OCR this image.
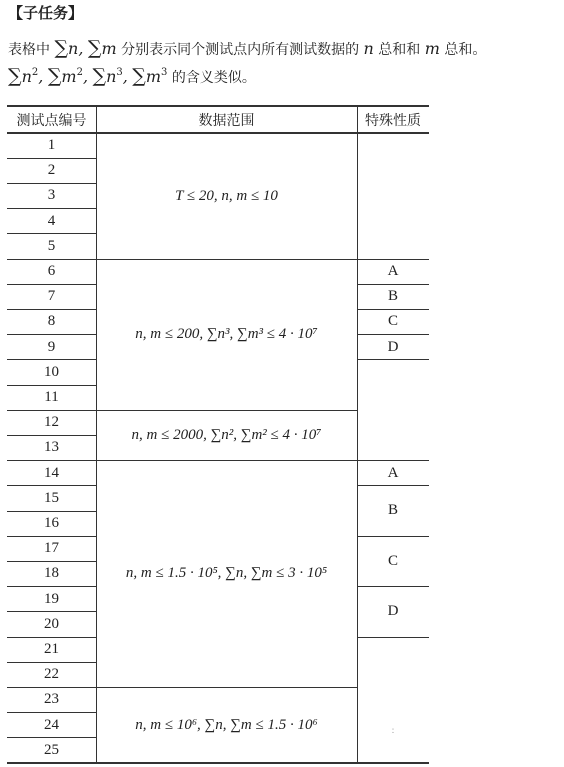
【子任务】
表格中 ∑n, ∑m 分别表示同个测试点内所有测试数据的 n 总和和 m 总和。
$\sum n^2$, $\sum m^2$, $\sum n^3$, $\sum m^3$ 的含义类似。
测试点编号	数据范围	特殊性质
1
2
3
4
5
6
7
8
9
10
11
12
13
14
15
16
17
18
19
20
21
22
23
24
25
T ≤ 20, n, m ≤ 10
n, m ≤ 200, ∑n³, ∑m³ ≤ 4 · 10⁷
n, m ≤ 2000, ∑n², ∑m² ≤ 4 · 10⁷
n, m ≤ 1.5 · 10⁵, ∑n, ∑m ≤ 3 · 10⁵
n, m ≤ 10⁶, ∑n, ∑m ≤ 1.5 · 10⁶
A
B
C
D
A
B
C
D
:
